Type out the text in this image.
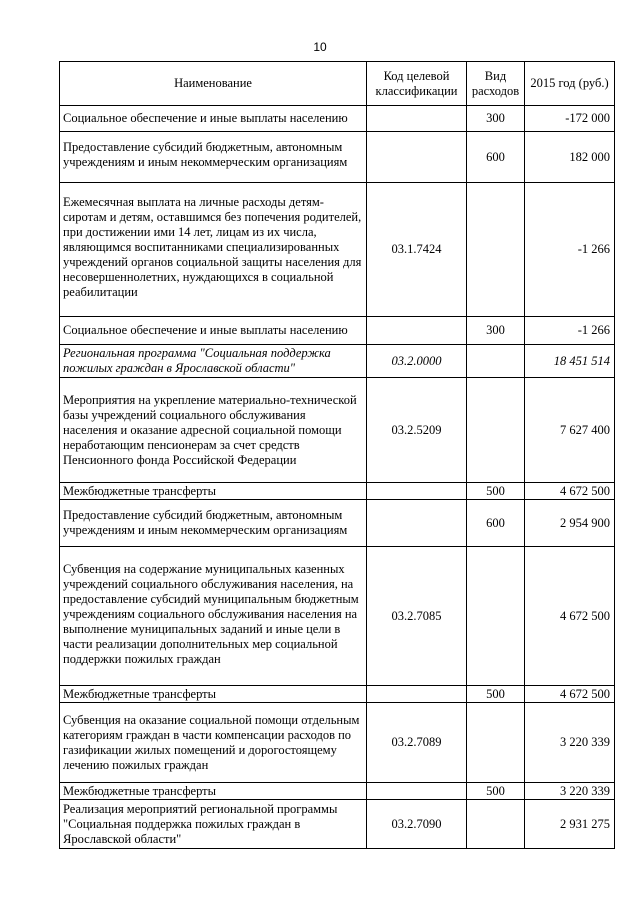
10
Наименование	Код целевой классификации	Вид расходов	2015 год (руб.)
Социальное обеспечение и иные выплаты населению		300	-172 000
Предоставление субсидий бюджетным, автономным учреждениям и иным некоммерческим организациям		600	182 000
Ежемесячная выплата на личные расходы детям-сиротам и детям, оставшимся без попечения родителей, при достижении ими 14 лет, лицам из их числа, являющимся воспитанниками специализированных учреждений органов социальной защиты населения для несовершеннолетних, нуждающихся в социальной реабилитации	03.1.7424		-1 266
Социальное обеспечение и иные выплаты населению		300	-1 266
Региональная программа "Социальная поддержка пожилых граждан в Ярославской области"	03.2.0000		18 451 514
Мероприятия на укрепление материально-технической базы учреждений социального обслуживания населения и оказание адресной социальной помощи неработающим пенсионерам за счет средств Пенсионного фонда Российской Федерации	03.2.5209		7 627 400
Межбюджетные трансферты		500	4 672 500
Предоставление субсидий бюджетным, автономным учреждениям и иным некоммерческим организациям		600	2 954 900
Субвенция на содержание муниципальных казенных учреждений социального обслуживания населения, на предоставление субсидий муниципальным бюджетным учреждениям социального обслуживания населения на выполнение муниципальных заданий и иные цели в части реализации дополнительных мер социальной поддержки пожилых граждан	03.2.7085		4 672 500
Межбюджетные трансферты		500	4 672 500
Субвенция на оказание социальной помощи отдельным категориям граждан в части компенсации расходов по газификации жилых помещений и дорогостоящему лечению пожилых граждан	03.2.7089		3 220 339
Межбюджетные трансферты		500	3 220 339
Реализация мероприятий региональной программы "Социальная поддержка пожилых граждан в Ярославской области"	03.2.7090		2 931 275
